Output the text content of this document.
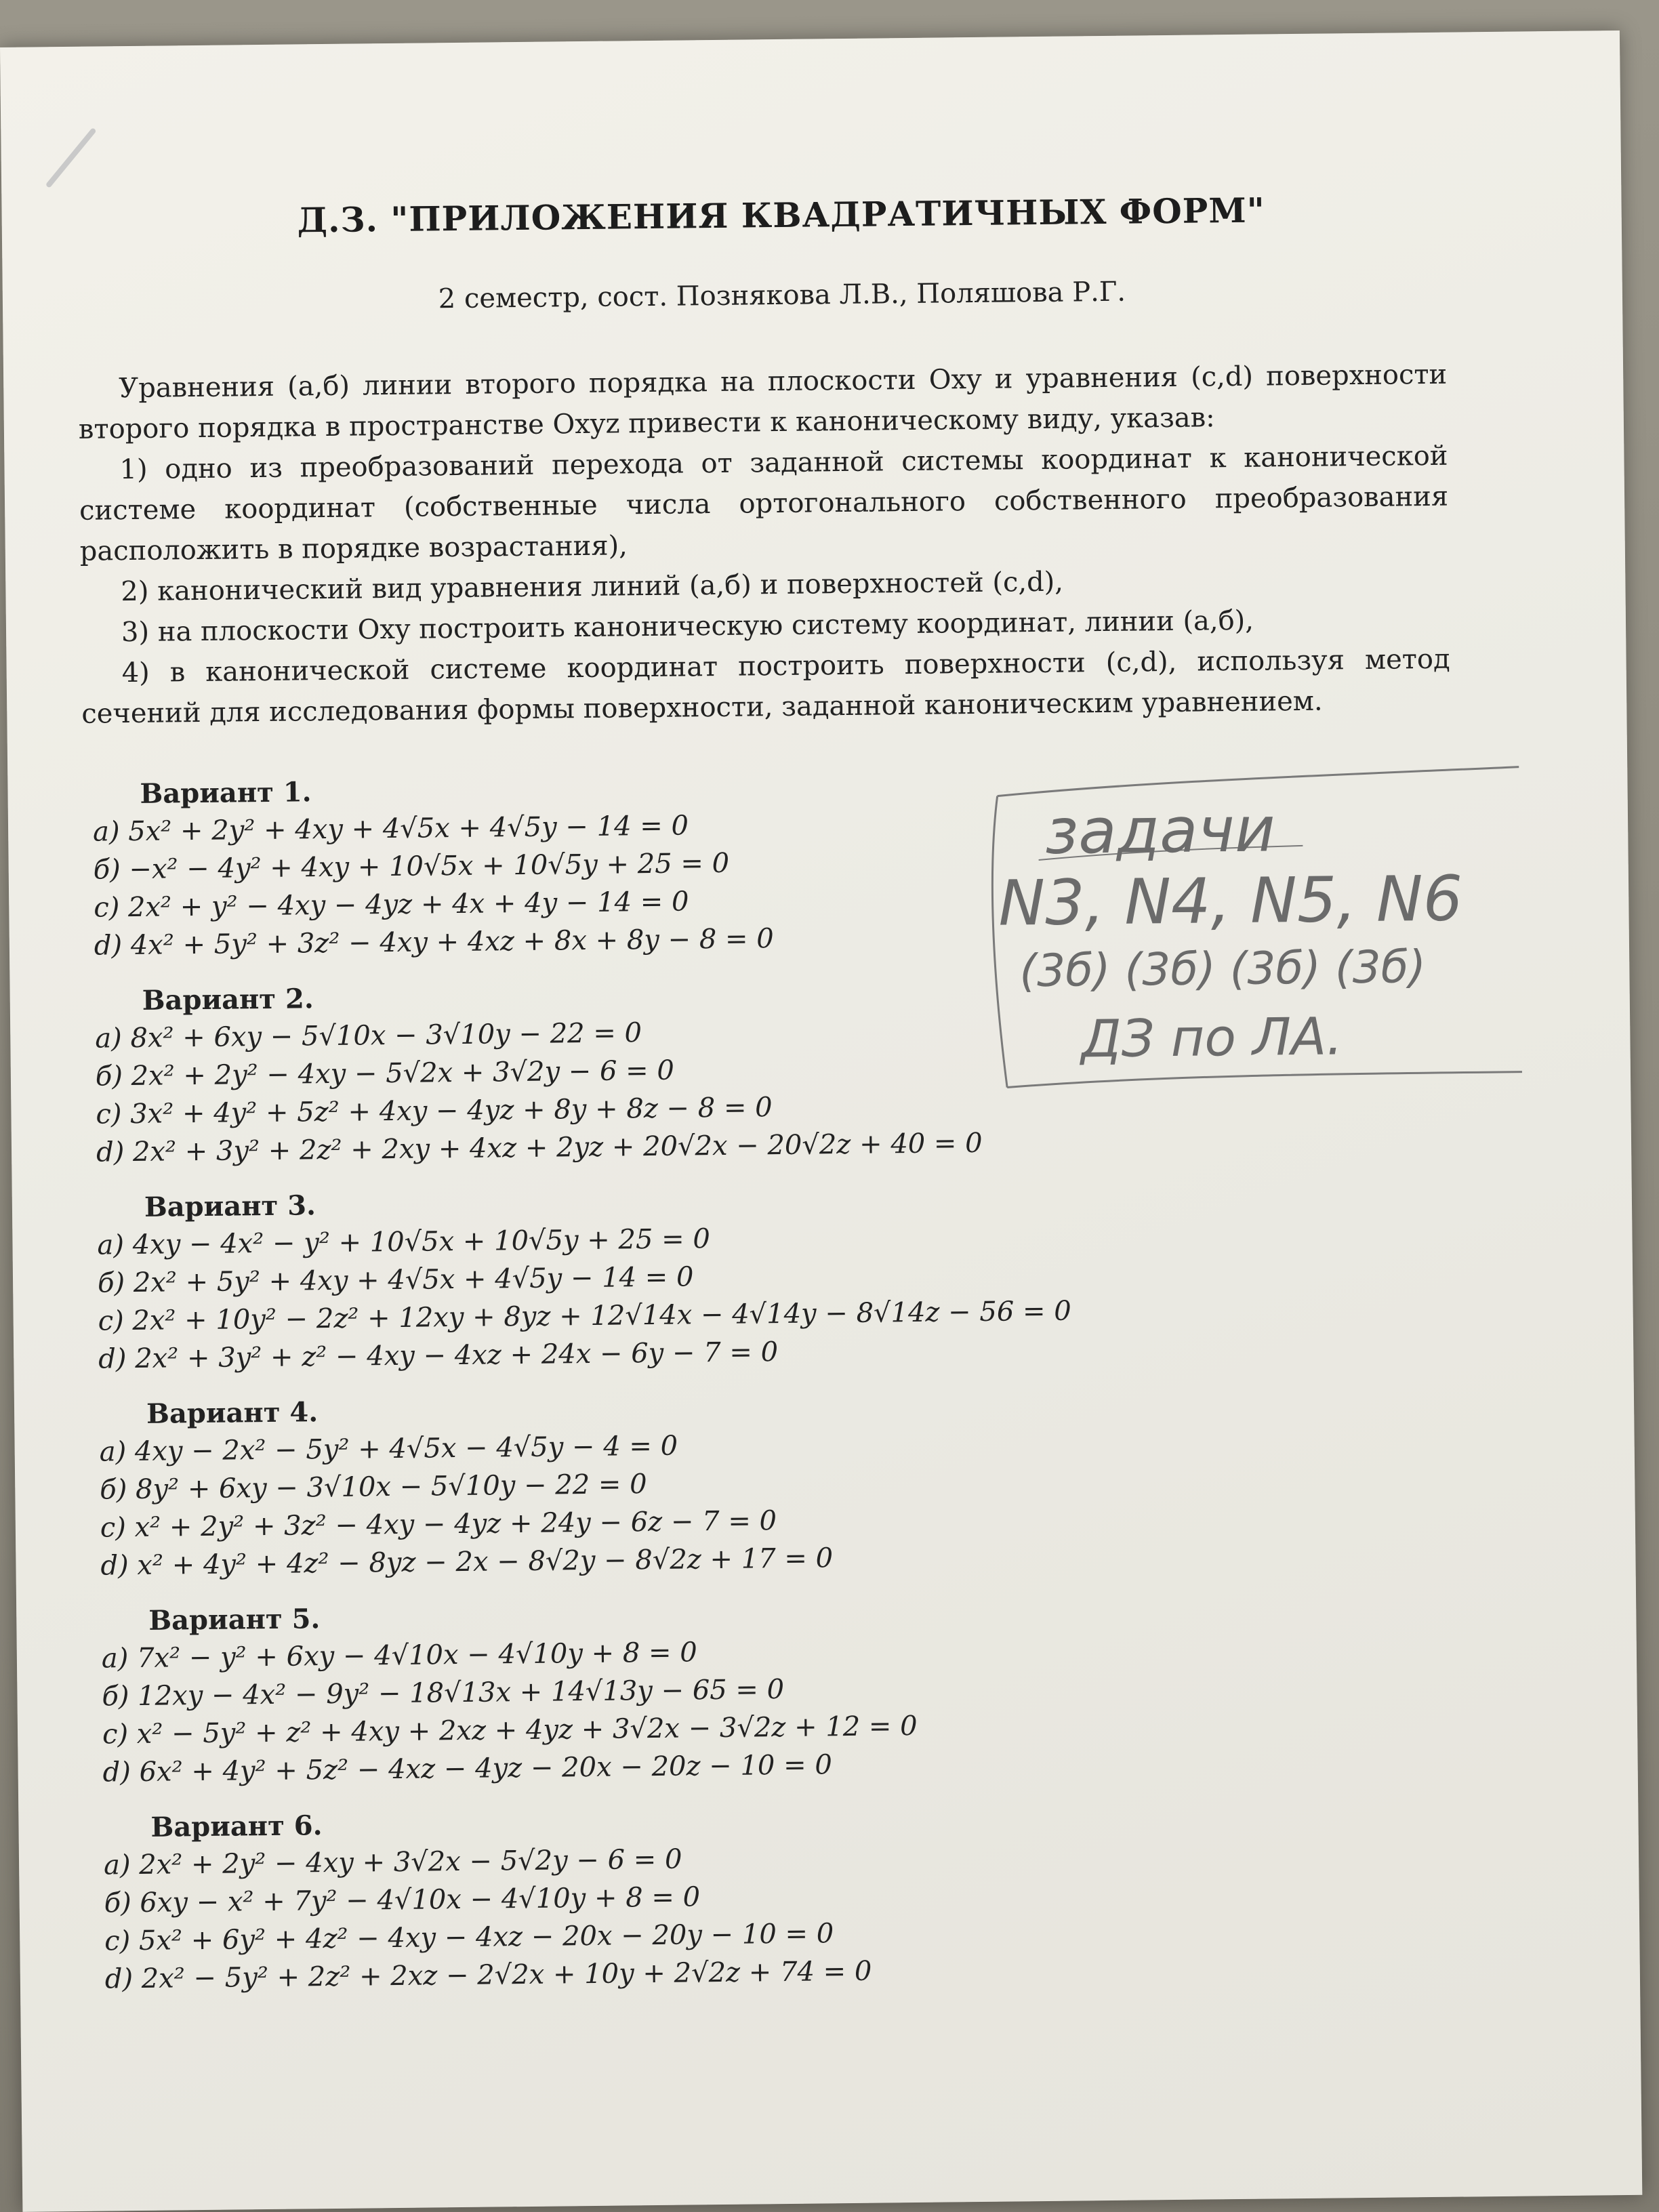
Д.З. "ПРИЛОЖЕНИЯ КВАДРАТИЧНЫХ ФОРМ"
2 семестр, сост. Познякова Л.В., Поляшова Р.Г.

Уравнения (а,б) линии второго порядка на плоскости Oxy и уравнения (c,d) поверхности второго порядка в пространстве Oxyz привести к каноническому виду, указав:

1) одно из преобразований перехода от заданной системы координат к канонической системе координат (собственные числа ортогонального собственного преобразования расположить в порядке возрастания),

2) канонический вид уравнения линий (а,б) и поверхностей (c,d),

3) на плоскости Oxy построить каноническую систему координат, линии (а,б),

4) в канонической системе координат построить поверхности (c,d), используя метод сечений для исследования формы поверхности, заданной каноническим уравнением.

Вариант 1.
а) 5x² + 2y² + 4xy + 4√5x + 4√5y − 14 = 0
б) −x² − 4y² + 4xy + 10√5x + 10√5y + 25 = 0
c) 2x² + y² − 4xy − 4yz + 4x + 4y − 14 = 0
d) 4x² + 5y² + 3z² − 4xy + 4xz + 8x + 8y − 8 = 0
Вариант 2.
а) 8x² + 6xy − 5√10x − 3√10y − 22 = 0
б) 2x² + 2y² − 4xy − 5√2x + 3√2y − 6 = 0
c) 3x² + 4y² + 5z² + 4xy − 4yz + 8y + 8z − 8 = 0
d) 2x² + 3y² + 2z² + 2xy + 4xz + 2yz + 20√2x − 20√2z + 40 = 0
Вариант 3.
а) 4xy − 4x² − y² + 10√5x + 10√5y + 25 = 0
б) 2x² + 5y² + 4xy + 4√5x + 4√5y − 14 = 0
c) 2x² + 10y² − 2z² + 12xy + 8yz + 12√14x − 4√14y − 8√14z − 56 = 0
d) 2x² + 3y² + z² − 4xy − 4xz + 24x − 6y − 7 = 0
Вариант 4.
а) 4xy − 2x² − 5y² + 4√5x − 4√5y − 4 = 0
б) 8y² + 6xy − 3√10x − 5√10y − 22 = 0
c) x² + 2y² + 3z² − 4xy − 4yz + 24y − 6z − 7 = 0
d) x² + 4y² + 4z² − 8yz − 2x − 8√2y − 8√2z + 17 = 0
Вариант 5.
а) 7x² − y² + 6xy − 4√10x − 4√10y + 8 = 0
б) 12xy − 4x² − 9y² − 18√13x + 14√13y − 65 = 0
c) x² − 5y² + z² + 4xy + 2xz + 4yz + 3√2x − 3√2z + 12 = 0
d) 6x² + 4y² + 5z² − 4xz − 4yz − 20x − 20z − 10 = 0
Вариант 6.
а) 2x² + 2y² − 4xy + 3√2x − 5√2y − 6 = 0
б) 6xy − x² + 7y² − 4√10x − 4√10y + 8 = 0
c) 5x² + 6y² + 4z² − 4xy − 4xz − 20x − 20y − 10 = 0
d) 2x² − 5y² + 2z² + 2xz − 2√2x + 10y + 2√2z + 74 = 0
задачи
N3, N4, N5, N6
(3б) (3б) (3б) (3б)
ДЗ по ЛА.
